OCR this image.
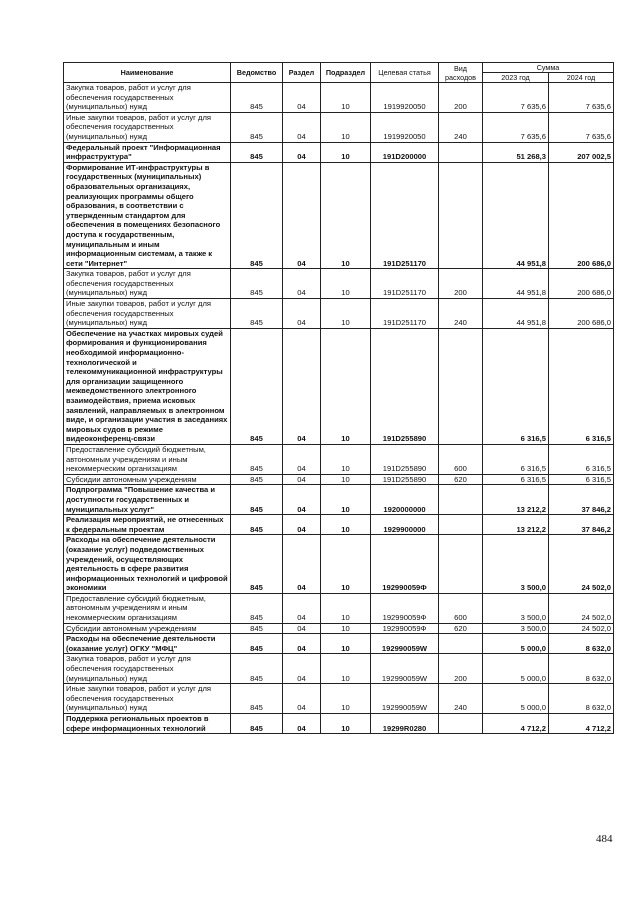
Наименование	Ведомство	Раздел	Подраздел	Целевая статья	Вид расходов	Сумма	
						2023 год	2024 год
Закупка товаров, работ и услуг для обеспечения государственных (муниципальных) нужд	845	04	10	1919920050	200	7 635,6	7 635,6
Иные закупки товаров, работ и услуг для обеспечения государственных (муниципальных) нужд	845	04	10	1919920050	240	7 635,6	7 635,6
Федеральный проект "Информационная инфраструктура"	845	04	10	191D200000		51 268,3	207 002,5
Формирование ИТ-инфраструктуры в государственных (муниципальных) образовательных организациях, реализующих программы общего образования, в соответствии с утвержденным стандартом для обеспечения в помещениях безопасного доступа к государственным, муниципальным и иным информационным системам, а также к сети "Интернет"	845	04	10	191D251170		44 951,8	200 686,0
Закупка товаров, работ и услуг для обеспечения государственных (муниципальных) нужд	845	04	10	191D251170	200	44 951,8	200 686,0
Иные закупки товаров, работ и услуг для обеспечения государственных (муниципальных) нужд	845	04	10	191D251170	240	44 951,8	200 686,0
Обеспечение на участках мировых судей формирования и функционирования необходимой информационно-технологической и телекоммуникационной инфраструктуры для организации защищенного межведомственного электронного взаимодействия, приема исковых заявлений, направляемых в электронном виде, и организации участия в заседаниях мировых судов в режиме видеоконференц-связи	845	04	10	191D255890		6 316,5	6 316,5
Предоставление субсидий бюджетным, автономным учреждениям и иным некоммерческим организациям	845	04	10	191D255890	600	6 316,5	6 316,5
Субсидии автономным учреждениям	845	04	10	191D255890	620	6 316,5	6 316,5
Подпрограмма "Повышение качества и доступности государственных и муниципальных услуг"	845	04	10	1920000000		13 212,2	37 846,2
Реализация мероприятий, не отнесенных к федеральным проектам	845	04	10	1929900000		13 212,2	37 846,2
Расходы на обеспечение деятельности (оказание услуг) подведомственных учреждений, осуществляющих деятельность в сфере развития информационных технологий и цифровой экономики	845	04	10	192990059Ф		3 500,0	24 502,0
Предоставление субсидий бюджетным, автономным учреждениям и иным некоммерческим организациям	845	04	10	192990059Ф	600	3 500,0	24 502,0
Субсидии автономным учреждениям	845	04	10	192990059Ф	620	3 500,0	24 502,0
Расходы на обеспечение деятельности (оказание услуг) ОГКУ "МФЦ"	845	04	10	192990059W		5 000,0	8 632,0
Закупка товаров, работ и услуг для обеспечения государственных (муниципальных) нужд	845	04	10	192990059W	200	5 000,0	8 632,0
Иные закупки товаров, работ и услуг для обеспечения государственных (муниципальных) нужд	845	04	10	192990059W	240	5 000,0	8 632,0
Поддержка региональных проектов в сфере информационных технологий	845	04	10	19299R0280		4 712,2	4 712,2
484
